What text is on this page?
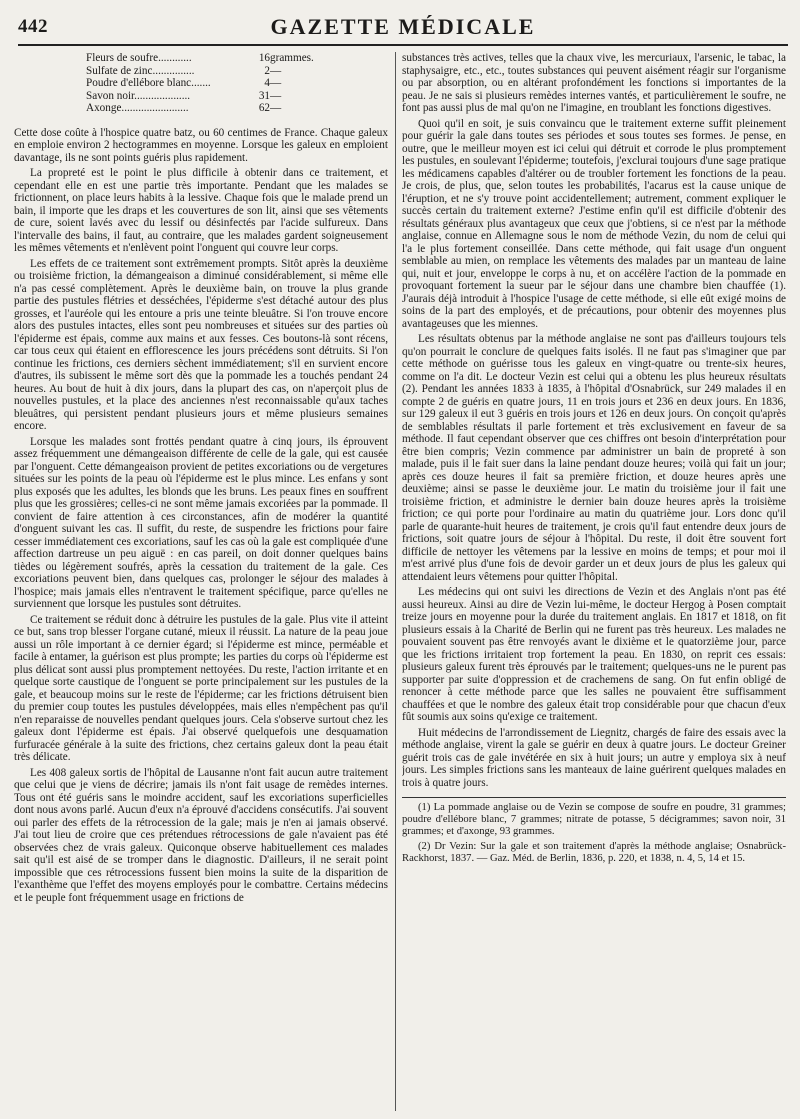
442	GAZETTE MÉDICALE
Fleurs de soufre............	16	grammes.
Sulfate de zinc...............	2	—
Poudre d'ellébore blanc.......	4	—
Savon noir....................	31	—
Axonge........................	62	—

Cette dose coûte à l'hospice quatre batz, ou 60 centimes de France. Chaque galeux en emploie environ 2 hectogrammes en moyenne. Lorsque les galeux en emploient davantage, ils ne sont points guéris plus rapidement.

La propreté est le point le plus difficile à obtenir dans ce traitement, et cependant elle en est une partie très importante. Pendant que les malades se frictionnent, on place leurs habits à la lessive. Chaque fois que le malade prend un bain, il importe que les draps et les couvertures de son lit, ainsi que ses vêtements de cure, soient lavés avec du lessif ou désinfectés par l'acide sulfureux. Dans l'intervalle des bains, il faut, au contraire, que les malades gardent soigneusement les mêmes vêtements et n'enlèvent point l'onguent qui couvre leur corps.

Les effets de ce traitement sont extrêmement prompts. Sitôt après la deuxième ou troisième friction, la démangeaison a diminué considérablement, si même elle n'a pas cessé complètement. Après le deuxième bain, on trouve la plus grande partie des pustules flétries et desséchées, l'épiderme s'est détaché autour des plus grosses, et l'auréole qui les entoure a pris une teinte bleuâtre. Si l'on trouve encore alors des pustules intactes, elles sont peu nombreuses et situées sur des parties où l'épiderme est épais, comme aux mains et aux fesses. Ces boutons-là sont récens, car tous ceux qui étaient en efflorescence les jours précédens sont détruits. Si l'on continue les frictions, ces derniers sèchent immédiatement; s'il en survient encore d'autres, ils subissent le même sort dès que la pommade les a touchés pendant 24 heures. Au bout de huit à dix jours, dans la plupart des cas, on n'aperçoit plus de nouvelles pustules, et la place des anciennes n'est reconnaissable qu'aux taches bleuâtres, qui persistent pendant plusieurs jours et même plusieurs semaines encore.

Lorsque les malades sont frottés pendant quatre à cinq jours, ils éprouvent assez fréquemment une démangeaison différente de celle de la gale, qui est causée par l'onguent. Cette démangeaison provient de petites excoriations ou de vergetures situées sur les points de la peau où l'épiderme est le plus mince. Les enfans y sont plus exposés que les adultes, les blonds que les bruns. Les peaux fines en souffrent plus que les grossières; celles-ci ne sont même jamais excoriées par la pommade. Il convient de faire attention à ces circonstances, afin de modérer la quantité d'onguent suivant les cas. Il suffit, du reste, de suspendre les frictions pour faire cesser immédiatement ces excoriations, sauf les cas où la gale est compliquée d'une affection dartreuse un peu aiguë : en cas pareil, on doit donner quelques bains tièdes ou légèrement soufrés, après la cessation du traitement de la gale. Ces excoriations peuvent bien, dans quelques cas, prolonger le séjour des malades à l'hospice; mais jamais elles n'entravent le traitement spécifique, parce qu'elles ne surviennent que lorsque les pustules sont détruites.

Ce traitement se réduit donc à détruire les pustules de la gale. Plus vite il atteint ce but, sans trop blesser l'organe cutané, mieux il réussit. La nature de la peau joue aussi un rôle important à ce dernier égard; si l'épiderme est mince, perméable et facile à entamer, la guérison est plus prompte; les parties du corps où l'épiderme est plus délicat sont aussi plus promptement nettoyées. Du reste, l'action irritante et en quelque sorte caustique de l'onguent se porte principalement sur les pustules de la gale, et beaucoup moins sur le reste de l'épiderme; car les frictions détruisent bien du premier coup toutes les pustules développées, mais elles n'empêchent pas qu'il n'en reparaisse de nouvelles pendant quelques jours. Cela s'observe surtout chez les galeux dont l'épiderme est épais. J'ai observé quelquefois une desquamation furfuracée générale à la suite des frictions, chez certains galeux dont la peau était très délicate.

Les 408 galeux sortis de l'hôpital de Lausanne n'ont fait aucun autre traitement que celui que je viens de décrire; jamais ils n'ont fait usage de remèdes internes. Tous ont été guéris sans le moindre accident, sauf les excoriations superficielles dont nous avons parlé. Aucun d'eux n'a éprouvé d'accidens consécutifs. J'ai souvent oui parler des effets de la rétrocession de la gale; mais je n'en ai jamais observé. J'ai tout lieu de croire que ces prétendues rétrocessions de gale n'avaient pas été observées chez de vrais galeux. Quiconque observe habituellement ces malades sait qu'il est aisé de se tromper dans le diagnostic. D'ailleurs, il ne serait point impossible que ces rétrocessions fussent bien moins la suite de la disparition de l'exanthème que l'effet des moyens employés pour le combattre. Certains médecins et le peuple font fréquemment usage en frictions de

substances très actives, telles que la chaux vive, les mercuriaux, l'arsenic, le tabac, la staphysaigre, etc., etc., toutes substances qui peuvent aisément réagir sur l'organisme ou par absorption, ou en altérant profondément les fonctions si importantes de la peau. Je ne sais si plusieurs remèdes internes vantés, et particulièrement le soufre, ne font pas aussi plus de mal qu'on ne l'imagine, en troublant les fonctions digestives.

Quoi qu'il en soit, je suis convaincu que le traitement externe suffit pleinement pour guérir la gale dans toutes ses périodes et sous toutes ses formes. Je pense, en outre, que le meilleur moyen est ici celui qui détruit et corrode le plus promptement les pustules, en soulevant l'épiderme; toutefois, j'exclurai toujours d'une sage pratique les médicamens capables d'altérer ou de troubler fortement les fonctions de la peau. Je crois, de plus, que, selon toutes les probabilités, l'acarus est la cause unique de l'éruption, et ne s'y trouve point accidentellement; autrement, comment expliquer le succès certain du traitement externe? J'estime enfin qu'il est difficile d'obtenir des résultats généraux plus avantageux que ceux que j'obtiens, si ce n'est par la méthode anglaise, connue en Allemagne sous le nom de méthode Vezin, du nom de celui qui l'a le plus fortement conseillée. Dans cette méthode, qui fait usage d'un onguent semblable au mien, on remplace les vêtements des malades par un manteau de laine qui, nuit et jour, enveloppe le corps à nu, et on accélère l'action de la pommade en provoquant fortement la sueur par le séjour dans une chambre bien chauffée (1). J'aurais déjà introduit à l'hospice l'usage de cette méthode, si elle eût exigé moins de soins de la part des employés, et de précautions, pour obtenir des moyennes plus avantageuses que les miennes.

Les résultats obtenus par la méthode anglaise ne sont pas d'ailleurs toujours tels qu'on pourrait le conclure de quelques faits isolés. Il ne faut pas s'imaginer que par cette méthode on guérisse tous les galeux en vingt-quatre ou trente-six heures, comme on l'a dit. Le docteur Vezin est celui qui a obtenu les plus heureux résultats (2). Pendant les années 1833 à 1835, à l'hôpital d'Osnabrück, sur 249 malades il en compte 2 de guéris en quatre jours, 11 en trois jours et 236 en deux jours. En 1836, sur 129 galeux il eut 3 guéris en trois jours et 126 en deux jours. On conçoit qu'après de semblables résultats il parle fortement et très exclusivement en faveur de sa méthode. Il faut cependant observer que ces chiffres ont besoin d'interprétation pour être bien compris; Vezin commence par administrer un bain de propreté à son malade, puis il le fait suer dans la laine pendant douze heures; voilà qui fait un jour; après ces douze heures il fait sa première friction, et douze heures après une deuxième; ainsi se passe le deuxième jour. Le matin du troisième jour il fait une troisième friction, et administre le dernier bain douze heures après la troisième friction; ce qui porte pour l'ordinaire au matin du quatrième jour. Lors donc qu'il parle de quarante-huit heures de traitement, je crois qu'il faut entendre deux jours de frictions, soit quatre jours de séjour à l'hôpital. Du reste, il doit être souvent fort difficile de nettoyer les vêtemens par la lessive en moins de temps; et pour moi il m'est arrivé plus d'une fois de devoir garder un et deux jours de plus les galeux qui attendaient leurs vêtemens pour quitter l'hôpital.

Les médecins qui ont suivi les directions de Vezin et des Anglais n'ont pas été aussi heureux. Ainsi au dire de Vezin lui-même, le docteur Hergog à Posen comptait treize jours en moyenne pour la durée du traitement anglais. En 1817 et 1818, on fit plusieurs essais à la Charité de Berlin qui ne furent pas très heureux. Les malades ne pouvaient souvent pas être renvoyés avant le dixième et le quatorzième jour, parce que les frictions irritaient trop fortement la peau. En 1830, on reprit ces essais: plusieurs galeux furent très éprouvés par le traitement; quelques-uns ne le purent pas supporter par suite d'oppression et de crachemens de sang. On fut enfin obligé de renoncer à cette méthode parce que les salles ne pouvaient être suffisamment chauffées et que le nombre des galeux était trop considérable pour que chacun d'eux fût soumis aux soins qu'exige ce traitement.

Huit médecins de l'arrondissement de Liegnitz, chargés de faire des essais avec la méthode anglaise, virent la gale se guérir en deux à quatre jours. Le docteur Greiner guérit trois cas de gale invétérée en six à huit jours; un autre y employa six à neuf jours. Les simples frictions sans les manteaux de laine guérirent quelques malades en trois à quatre jours.

(1) La pommade anglaise ou de Vezin se compose de soufre en poudre, 31 grammes; poudre d'ellébore blanc, 7 grammes; nitrate de potasse, 5 décigrammes; savon noir, 31 grammes; et d'axonge, 93 grammes.

(2) Dr Vezin: Sur la gale et son traitement d'après la méthode anglaise; Osnabrück-Rackhorst, 1837. — Gaz. Méd. de Berlin, 1836, p. 220, et 1838, n. 4, 5, 14 et 15.
